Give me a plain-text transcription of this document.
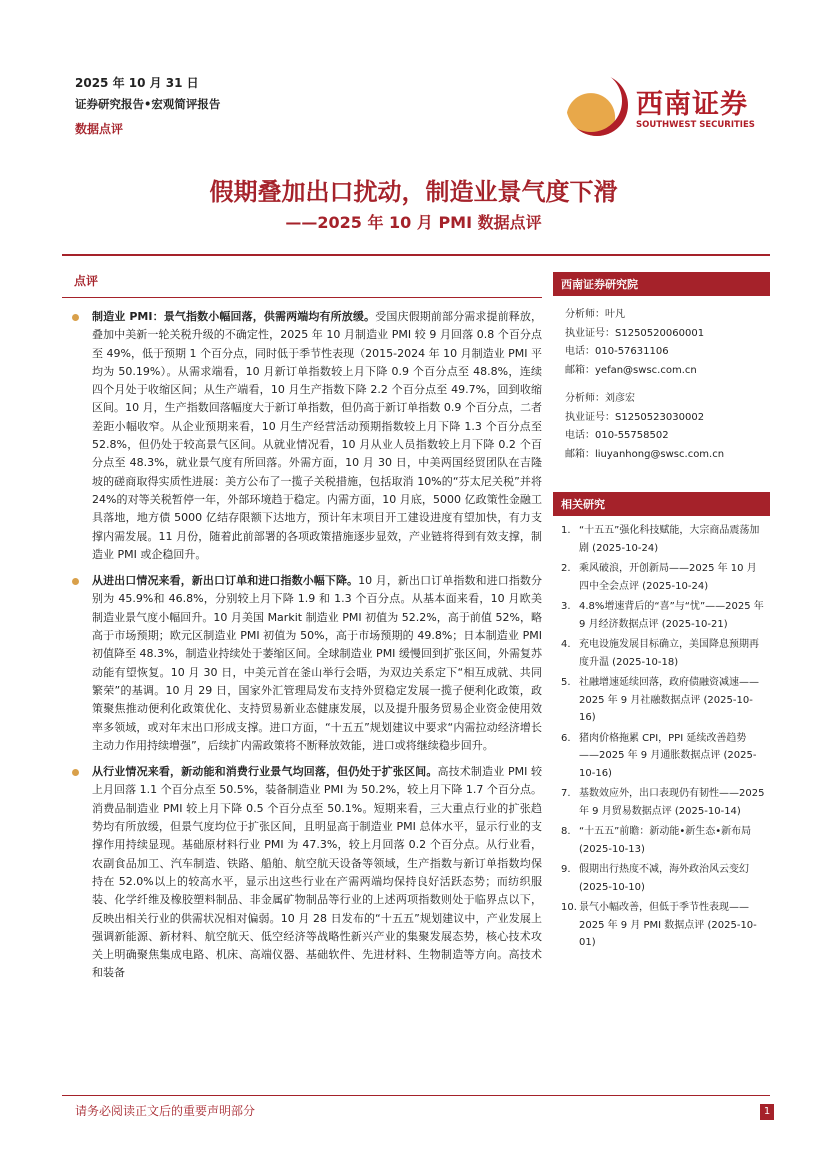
2025 年 10 月 31 日
证券研究报告•宏观简评报告
数据点评
西南证券
SOUTHWEST SECURITIES
假期叠加出口扰动，制造业景气度下滑
——2025 年 10 月 PMI 数据点评
点评
制造业 PMI：景气指数小幅回落，供需两端均有所放缓。受国庆假期前部分需求提前释放，叠加中美新一轮关税升级的不确定性，2025 年 10 月制造业 PMI 较 9 月回落 0.8 个百分点至 49%，低于预期 1 个百分点，同时低于季节性表现（2015-2024 年 10 月制造业 PMI 平均为 50.19%）。从需求端看，10 月新订单指数较上月下降 0.9 个百分点至 48.8%，连续四个月处于收缩区间；从生产端看，10 月生产指数下降 2.2 个百分点至 49.7%，回到收缩区间。10 月，生产指数回落幅度大于新订单指数，但仍高于新订单指数 0.9 个百分点，二者差距小幅收窄。从企业预期来看，10 月生产经营活动预期指数较上月下降 1.3 个百分点至 52.8%，但仍处于较高景气区间。从就业情况看，10 月从业人员指数较上月下降 0.2 个百分点至 48.3%，就业景气度有所回落。外需方面，10 月 30 日，中美两国经贸团队在吉隆坡的磋商取得实质性进展：美方公布了一揽子关税措施，包括取消 10%的“芬太尼关税”并将 24%的对等关税暂停一年，外部环境趋于稳定。内需方面，10 月底，5000 亿政策性金融工具落地，地方债 5000 亿结存限额下达地方，预计年末项目开工建设进度有望加快，有力支撑内需发展。11 月份，随着此前部署的各项政策措施逐步显效，产业链将得到有效支撑，制造业 PMI 或企稳回升。
从进出口情况来看，新出口订单和进口指数小幅下降。10 月，新出口订单指数和进口指数分别为 45.9%和 46.8%，分别较上月下降 1.9 和 1.3 个百分点。从基本面来看，10 月欧美制造业景气度小幅回升。10 月美国 Markit 制造业 PMI 初值为 52.2%，高于前值 52%，略高于市场预期；欧元区制造业 PMI 初值为 50%，高于市场预期的 49.8%；日本制造业 PMI 初值降至 48.3%，制造业持续处于萎缩区间。全球制造业 PMI 缓慢回到扩张区间，外需复苏动能有望恢复。10 月 30 日，中美元首在釜山举行会晤，为双边关系定下“相互成就、共同繁荣”的基调。10 月 29 日，国家外汇管理局发布支持外贸稳定发展一揽子便利化政策，政策聚焦推动便利化政策优化、支持贸易新业态健康发展，以及提升服务贸易企业资金使用效率多领域，或对年末出口形成支撑。进口方面，“十五五”规划建议中要求“内需拉动经济增长主动力作用持续增强”，后续扩内需政策将不断释放效能，进口或将继续稳步回升。
从行业情况来看，新动能和消费行业景气均回落，但仍处于扩张区间。高技术制造业 PMI 较上月回落 1.1 个百分点至 50.5%，装备制造业 PMI 为 50.2%，较上月下降 1.7 个百分点。消费品制造业 PMI 较上月下降 0.5 个百分点至 50.1%。短期来看，三大重点行业的扩张趋势均有所放缓，但景气度均位于扩张区间，且明显高于制造业 PMI 总体水平，显示行业的支撑作用持续显现。基础原材料行业 PMI 为 47.3%，较上月回落 0.2 个百分点。从行业看，农副食品加工、汽车制造、铁路、船舶、航空航天设备等领域，生产指数与新订单指数均保持在 52.0%以上的较高水平，显示出这些行业在产需两端均保持良好活跃态势；而纺织服装、化学纤维及橡胶塑料制品、非金属矿物制品等行业的上述两项指数则处于临界点以下，反映出相关行业的供需状况相对偏弱。10 月 28 日发布的“十五五”规划建议中，产业发展上强调新能源、新材料、航空航天、低空经济等战略性新兴产业的集聚发展态势，核心技术攻关上明确聚焦集成电路、机床、高端仪器、基础软件、先进材料、生物制造等方向。高技术和装备
西南证券研究院
分析师：叶凡
执业证号：S1250520060001
电话：010-57631106
邮箱：yefan@swsc.com.cn
分析师：刘彦宏
执业证号：S1250523030002
电话：010-55758502
邮箱：liuyanhong@swsc.com.cn
相关研究
1. “十五五”强化科技赋能，大宗商品震荡加剧 (2025-10-24)
2. 乘风破浪，开创新局——2025 年 10 月四中全会点评 (2025-10-24)
3. 4.8%增速背后的“喜”与“忧”——2025 年 9 月经济数据点评 (2025-10-21)
4. 充电设施发展目标确立，美国降息预期再度升温 (2025-10-18)
5. 社融增速延续回落，政府债融资减速——2025 年 9 月社融数据点评 (2025-10-16)
6. 猪肉价格拖累 CPI，PPI 延续改善趋势——2025 年 9 月通胀数据点评 (2025-10-16)
7. 基数效应外，出口表现仍有韧性——2025 年 9 月贸易数据点评 (2025-10-14)
8. “十五五”前瞻：新动能•新生态•新布局 (2025-10-13)
9. 假期出行热度不减，海外政治风云变幻 (2025-10-10)
10. 景气小幅改善，但低于季节性表现——2025 年 9 月 PMI 数据点评 (2025-10-01)
请务必阅读正文后的重要声明部分	1
